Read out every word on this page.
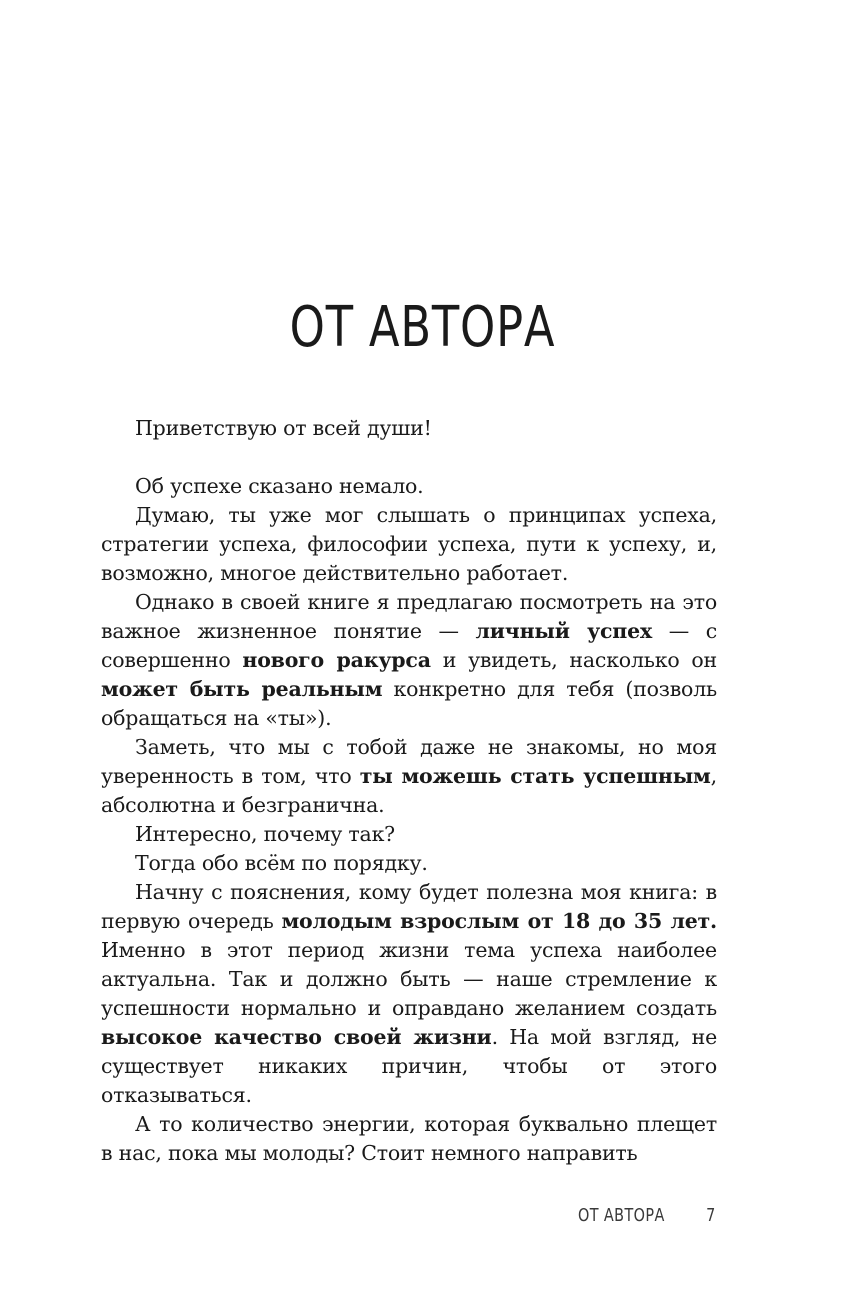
ОТ АВТОРА

Приветствую от всей души!

Об успехе сказано немало.

Думаю, ты уже мог слышать о принципах успеха, стратегии успеха, философии успеха, пути к успеху, и, возможно, многое действительно работает.

Однако в своей книге я предлагаю посмотреть на это важное жизненное понятие — личный успех — с совершенно нового ракурса и увидеть, насколько он может быть реальным конкретно для тебя (позволь обращаться на «ты»).

Заметь, что мы с тобой даже не знакомы, но моя уверенность в том, что ты можешь стать успешным, абсолютна и безгранична.

Интересно, почему так?

Тогда обо всём по порядку.

Начну с пояснения, кому будет полезна моя книга: в первую очередь молодым взрослым от 18 до 35 лет. Именно в этот период жизни тема успеха наиболее актуальна. Так и должно быть — наше стремление к успешности нормально и оправдано желанием создать высокое качество своей жизни. На мой взгляд, не существует никаких причин, чтобы от этого отказываться.

А то количество энергии, которая буквально плещет в нас, пока мы молоды? Стоит немного направить

ОТ АВТОРА 7
